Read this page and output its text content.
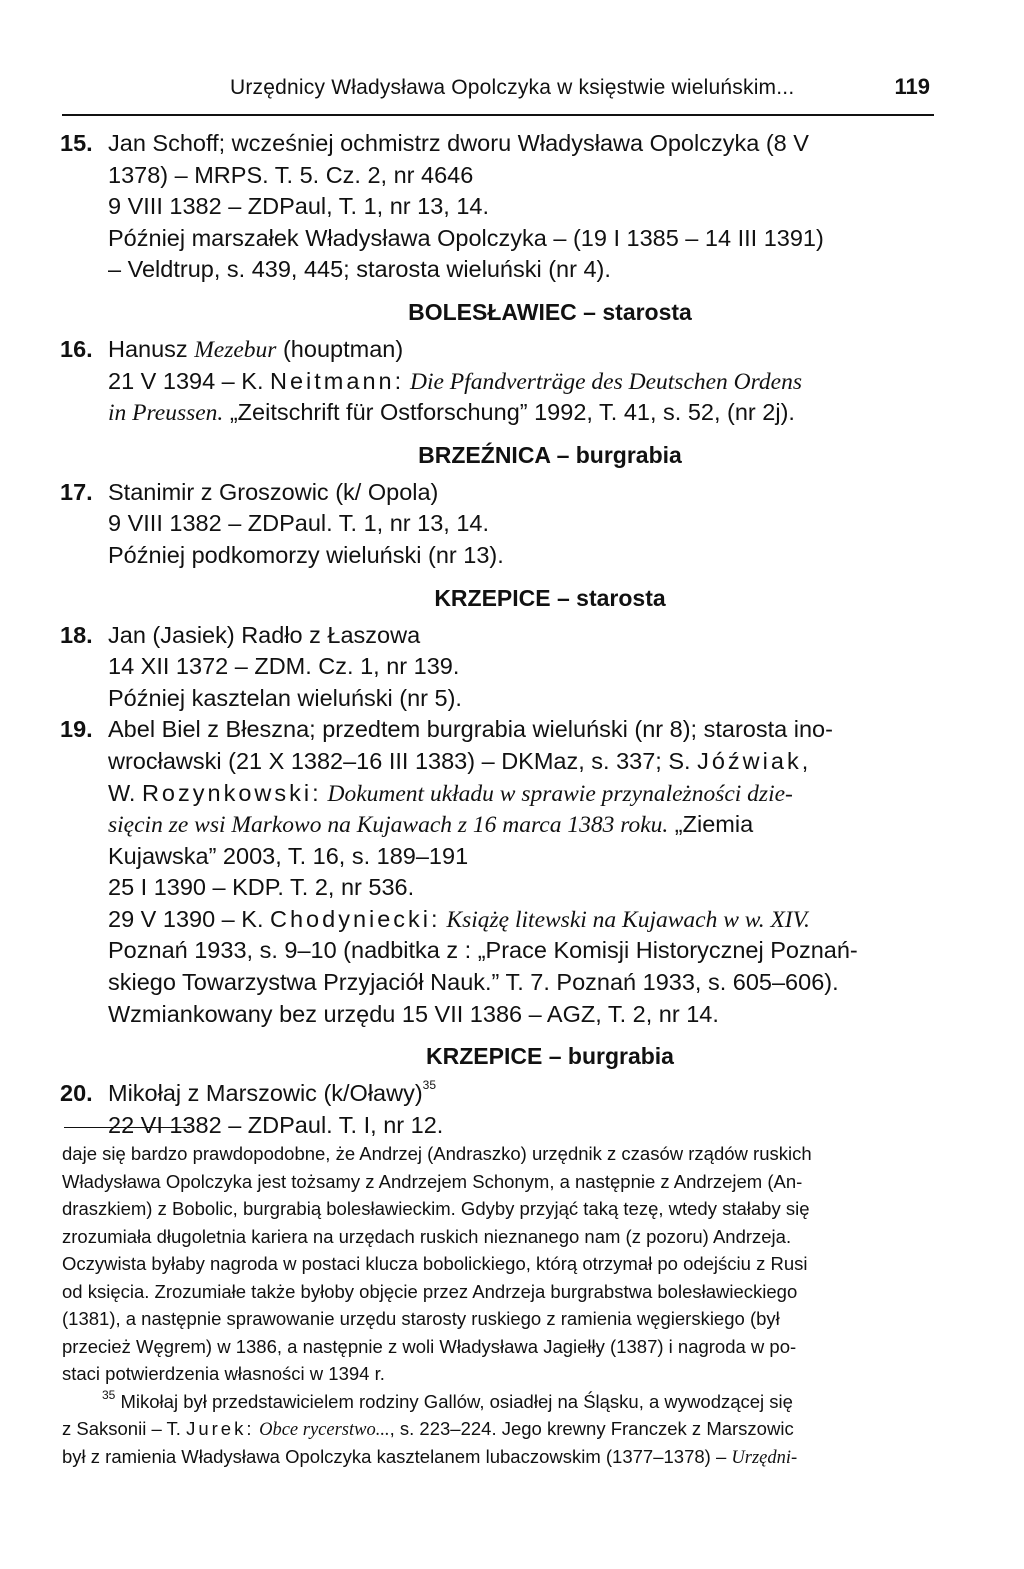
Urzędnicy Władysława Opolczyka w księstwie wieluńskim...	119
15. Jan Schoff; wcześniej ochmistrz dworu Władysława Opolczyka (8 V
1378) – MRPS. T. 5. Cz. 2, nr 4646
9 VIII 1382 – ZDPaul, T. 1, nr 13, 14.
Później marszałek Władysława Opolczyka – (19 I 1385 – 14 III 1391)
– Veldtrup, s. 439, 445; starosta wieluński (nr 4).
BOLESŁAWIEC – starosta
16. Hanusz Mezebur (houptman)
21 V 1394 – K. Neitmann: Die Pfandverträge des Deutschen Ordens
in Preussen. „Zeitschrift für Ostforschung” 1992, T. 41, s. 52, (nr 2j).
BRZEŹNICA – burgrabia
17. Stanimir z Groszowic (k/ Opola)
9 VIII 1382 – ZDPaul. T. 1, nr 13, 14.
Później podkomorzy wieluński (nr 13).
KRZEPICE – starosta
18. Jan (Jasiek) Radło z Łaszowa
14 XII 1372 – ZDM. Cz. 1, nr 139.
Później kasztelan wieluński (nr 5).
19. Abel Biel z Błeszna; przedtem burgrabia wieluński (nr 8); starosta ino-
wrocławski (21 X 1382–16 III 1383) – DKMaz, s. 337; S. Jóźwiak,
W. Rozynkowski: Dokument układu w sprawie przynależności dzie-
sięcin ze wsi Markowo na Kujawach z 16 marca 1383 roku. „Ziemia
Kujawska” 2003, T. 16, s. 189–191
25 I 1390 – KDP. T. 2, nr 536.
29 V 1390 – K. Chodyniecki: Książę litewski na Kujawach w w. XIV.
Poznań 1933, s. 9–10 (nadbitka z : „Prace Komisji Historycznej Poznań-
skiego Towarzystwa Przyjaciół Nauk.” T. 7. Poznań 1933, s. 605–606).
Wzmiankowany bez urzędu 15 VII 1386 – AGZ, T. 2, nr 14.
KRZEPICE – burgrabia
20. Mikołaj z Marszowic (k/Oławy)$^{35}$
22 VI 1382 – ZDPaul. T. I, nr 12.
daje się bardzo prawdopodobne, że Andrzej (Andraszko) urzędnik z czasów rządów ruskich
Władysława Opolczyka jest tożsamy z Andrzejem Schonym, a następnie z Andrzejem (An-
draszkiem) z Bobolic, burgrabią bolesławieckim. Gdyby przyjąć taką tezę, wtedy stałaby się
zrozumiała długoletnia kariera na urzędach ruskich nieznanego nam (z pozoru) Andrzeja.
Oczywista byłaby nagroda w postaci klucza bobolickiego, którą otrzymał po odejściu z Rusi
od księcia. Zrozumiałe także byłoby objęcie przez Andrzeja burgrabstwa bolesławieckiego
(1381), a następnie sprawowanie urzędu starosty ruskiego z ramienia węgierskiego (był
przecież Węgrem) w 1386, a następnie z woli Władysława Jagiełły (1387) i nagroda w po-
staci potwierdzenia własności w 1394 r.
$^{35}$ Mikołaj był przedstawicielem rodziny Gallów, osiadłej na Śląsku, a wywodzącej się
z Saksonii – T. Jurek: Obce rycerstwo..., s. 223–224. Jego krewny Franczek z Marszowic
był z ramienia Władysława Opolczyka kasztelanem lubaczowskim (1377–1378) – Urzędni-
